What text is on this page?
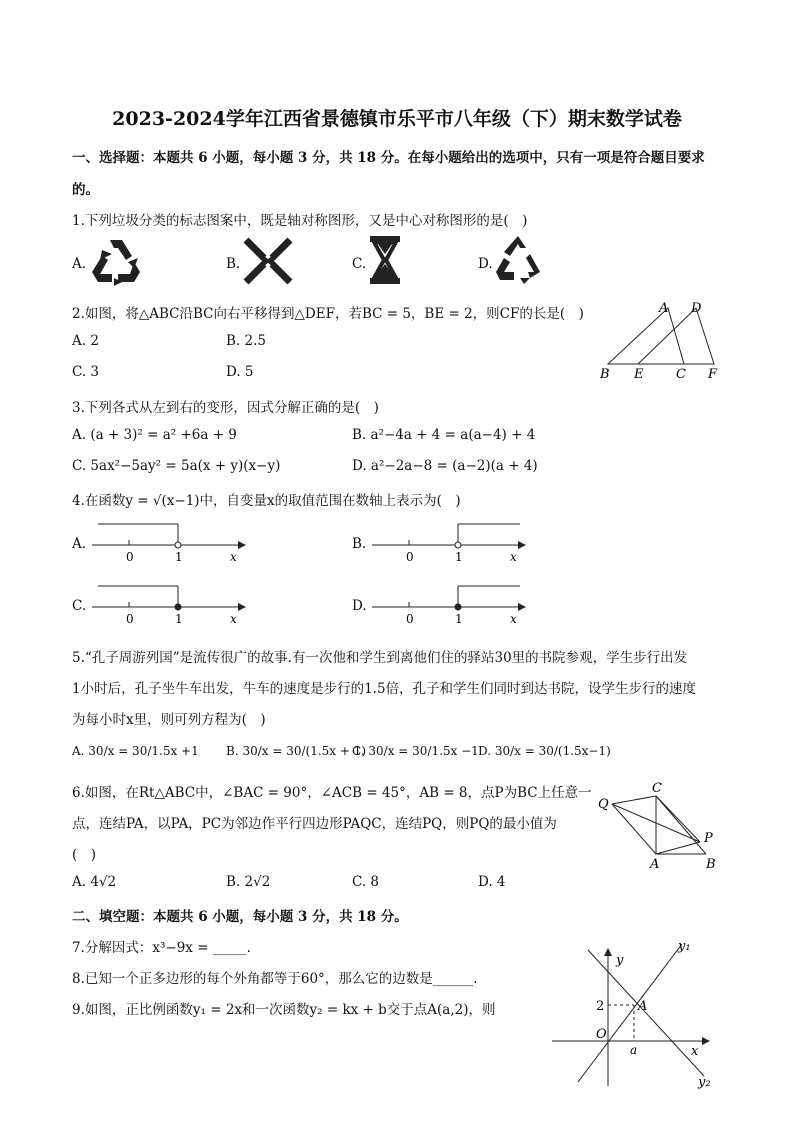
2023-2024学年江西省景德镇市乐平市八年级（下）期末数学试卷
一、选择题：本题共 6 小题，每小题 3 分，共 18 分。在每小题给出的选项中，只有一项是符合题目要求
的。
1.下列垃圾分类的标志图案中，既是轴对称图形，又是中心对称图形的是(　)
A.	B.	C.	D.
2.如图，将△ABC沿BC向右平移得到△DEF，若BC = 5，BE = 2，则CF的长是(　)
A. 2	B. 2.5
C. 3	D. 5
A D
B E	C F
3.下列各式从左到右的变形，因式分解正确的是(　)
A. (a + 3)² = a² +6a + 9	B. a²−4a + 4 = a(a−4) + 4
C. 5ax²−5ay² = 5a(x + y)(x−y)	D. a²−2a−8 = (a−2)(a + 4)
4.在函数y = √(x−1)中，自变量x的取值范围在数轴上表示为(　)
A.
0	1	x
B.
0	1	x
C.
0	1	x
D.
0	1	x
5.“孔子周游列国”是流传很广的故事.有一次他和学生到离他们住的驿站30里的书院参观，学生步行出发
1小时后，孔子坐牛车出发，牛车的速度是步行的1.5倍，孔子和学生们同时到达书院，设学生步行的速度
为每小时x里，则可列方程为(　)
A. 30/x = 30/1.5x +1 B. 30/x = 30/(1.5x + 1)
C. 30/x = 30/1.5x −1 D. 30/x = 30/(1.5x−1)
6.如图，在Rt△ABC中，∠BAC = 90°，∠ACB = 45°，AB = 8，点P为BC上任意一
点，连结PA，以PA，PC为邻边作平行四边形PAQC，连结PQ，则PQ的最小值为
(　)
A. 4√2	B. 2√2	C. 8	D. 4
Q
C
P
A	B
二、填空题：本题共 6 小题，每小题 3 分，共 18 分。
7.分解因式：x³−9x = _____.
8.已知一个正多边形的每个外角都等于60°，那么它的边数是______.
9.如图，正比例函数y₁ = 2x和一次函数y₂ = kx + b交于点A(a,2)，则
y
y₁
2	A
O
a	x
y₂
